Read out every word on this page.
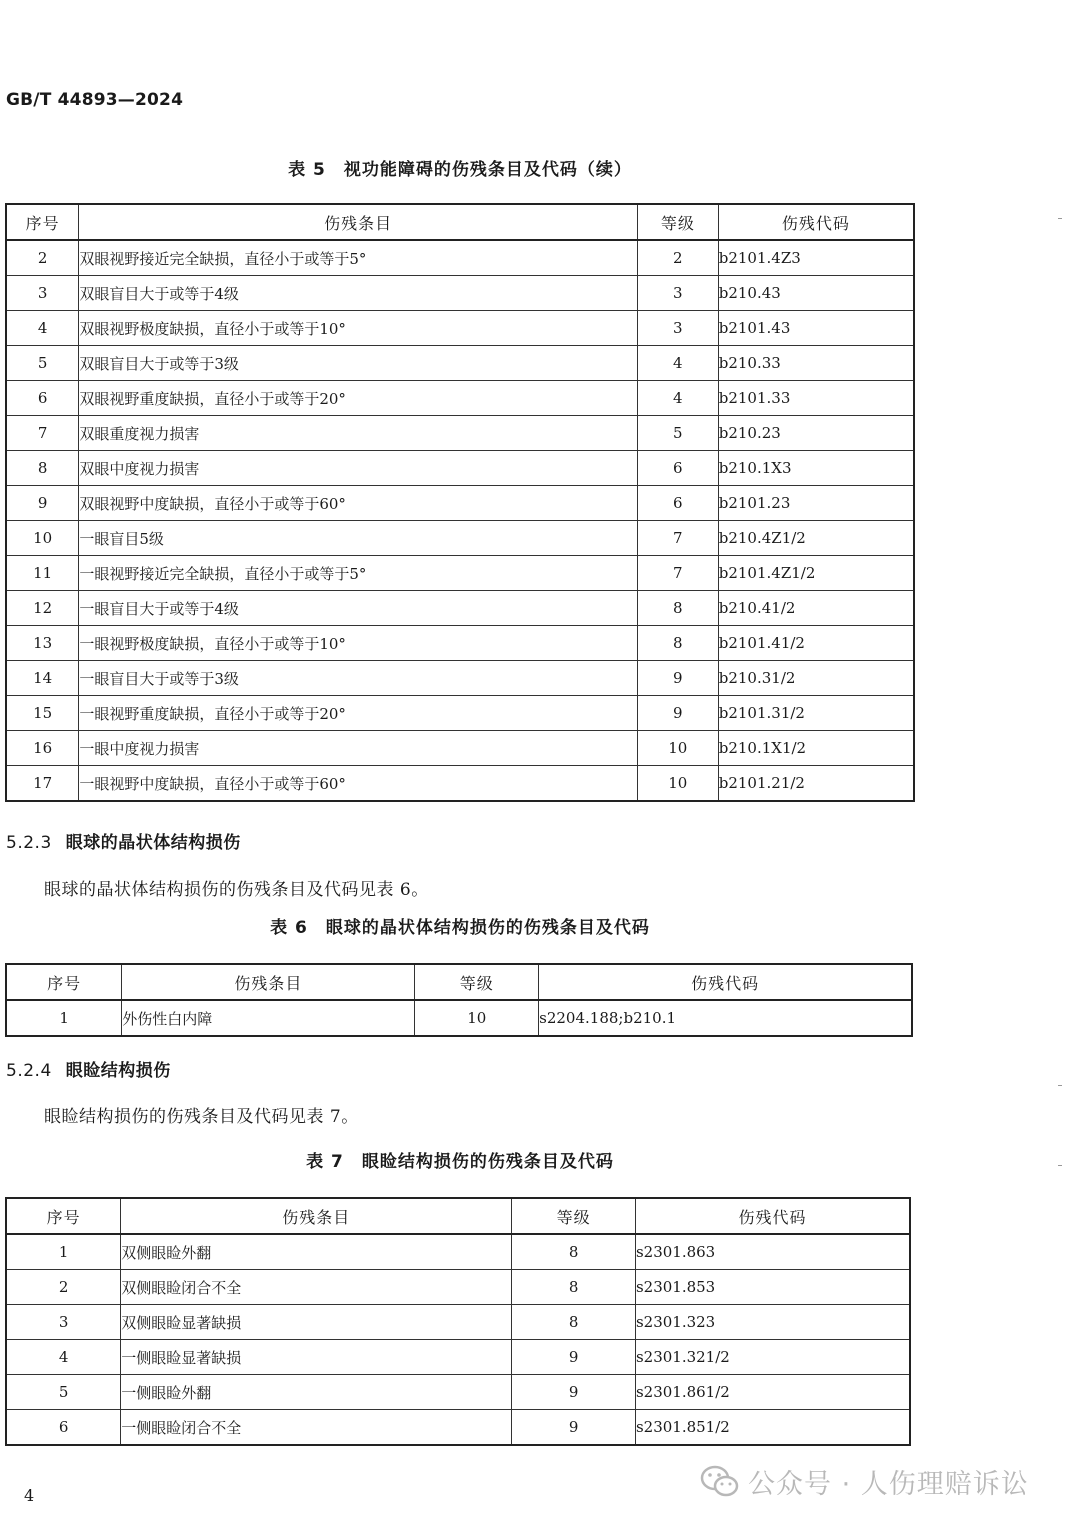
GB/T 44893—2024
表 5　视功能障碍的伤残条目及代码（续）
序号	伤残条目	等级	伤残代码
2	双眼视野接近完全缺损，直径小于或等于5°	2	b2101.4Z3
3	双眼盲目大于或等于4级	3	b210.43
4	双眼视野极度缺损，直径小于或等于10°	3	b2101.43
5	双眼盲目大于或等于3级	4	b210.33
6	双眼视野重度缺损，直径小于或等于20°	4	b2101.33
7	双眼重度视力损害	5	b210.23
8	双眼中度视力损害	6	b210.1X3
9	双眼视野中度缺损，直径小于或等于60°	6	b2101.23
10	一眼盲目5级	7	b210.4Z1/2
11	一眼视野接近完全缺损，直径小于或等于5°	7	b2101.4Z1/2
12	一眼盲目大于或等于4级	8	b210.41/2
13	一眼视野极度缺损，直径小于或等于10°	8	b2101.41/2
14	一眼盲目大于或等于3级	9	b210.31/2
15	一眼视野重度缺损，直径小于或等于20°	9	b2101.31/2
16	一眼中度视力损害	10	b210.1X1/2
17	一眼视野中度缺损，直径小于或等于60°	10	b2101.21/2
5.2.3 眼球的晶状体结构损伤
眼球的晶状体结构损伤的伤残条目及代码见表 6。
表 6　眼球的晶状体结构损伤的伤残条目及代码
序号	伤残条目	等级	伤残代码
1	外伤性白内障	10	s2204.188;b210.1
5.2.4 眼睑结构损伤
眼睑结构损伤的伤残条目及代码见表 7。
表 7　眼睑结构损伤的伤残条目及代码
序号	伤残条目	等级	伤残代码
1	双侧眼睑外翻	8	s2301.863
2	双侧眼睑闭合不全	8	s2301.853
3	双侧眼睑显著缺损	8	s2301.323
4	一侧眼睑显著缺损	9	s2301.321/2
5	一侧眼睑外翻	9	s2301.861/2
6	一侧眼睑闭合不全	9	s2301.851/2
4	公众号 · 人伤理赔诉讼
